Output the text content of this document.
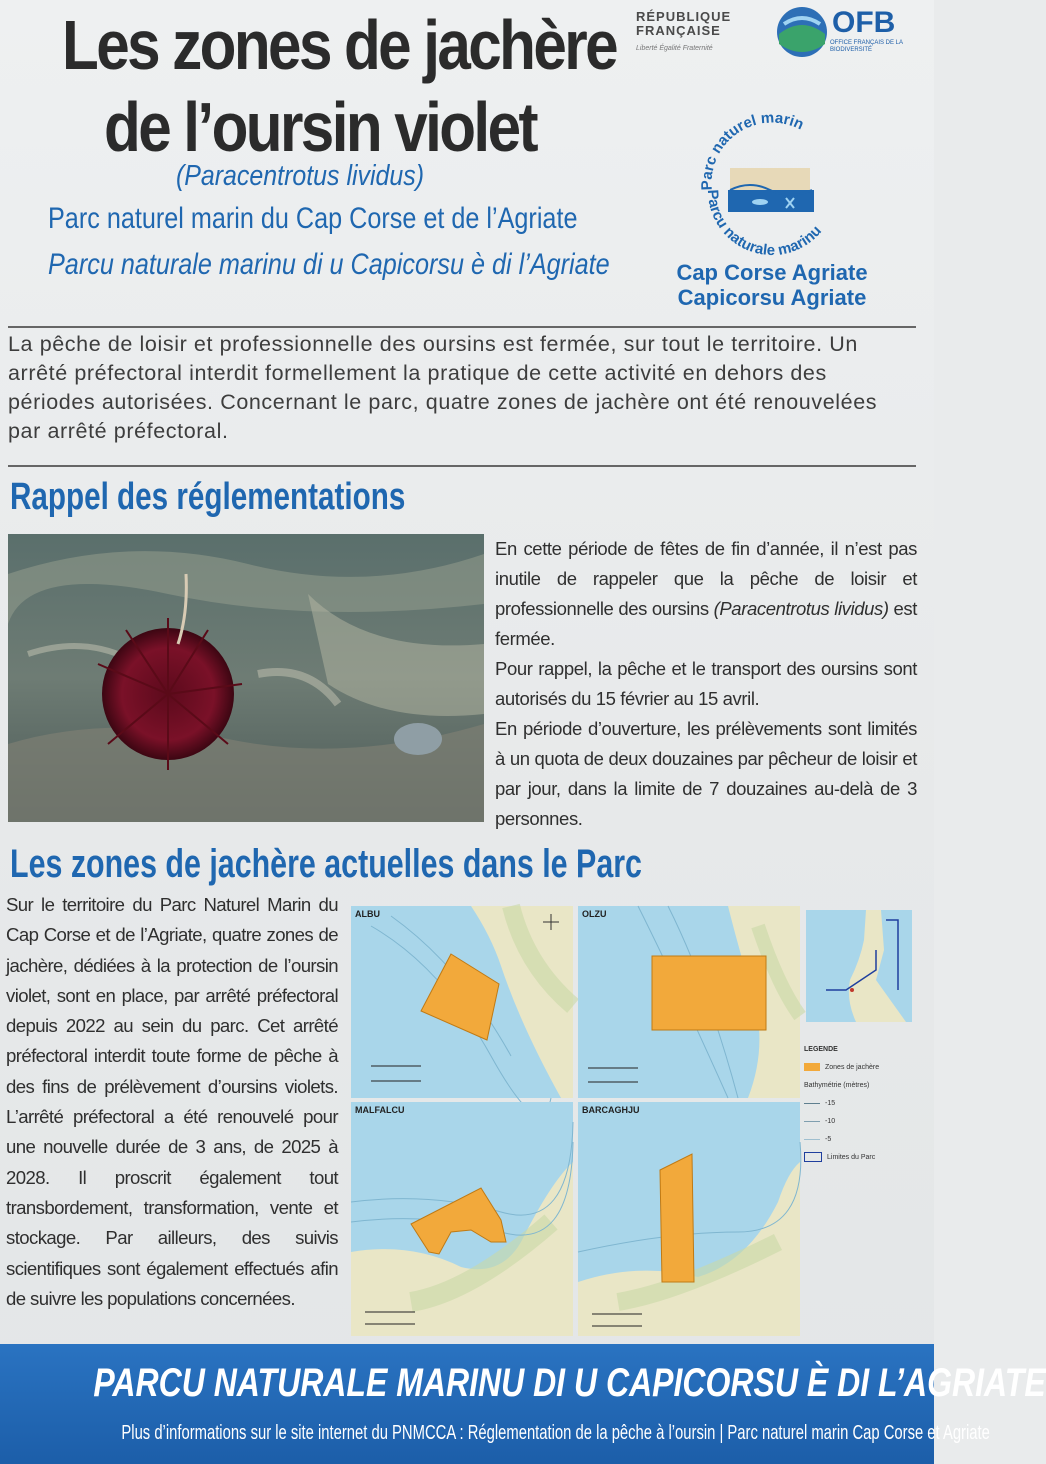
Les zones de jachère
de l’oursin violet
(Paracentrotus lividus)
Parc naturel marin du Cap Corse et de l’Agriate
Parcu naturale marinu di u Capicorsu è di l’Agriate
RÉPUBLIQUE
FRANÇAISE
Liberté Égalité Fraternité
OFB
OFFICE FRANÇAIS DE LA BIODIVERSITÉ
Parc naturel marin
Parcu naturale marinu
Cap Corse Agriate
Capicorsu Agriate
La pêche de loisir et professionnelle des oursins est fermée, sur tout le territoire. Un arrêté préfectoral interdit formellement la pratique de cette activité en dehors des périodes autorisées. Concernant le parc, quatre zones de jachère ont été renouvelées par arrêté préfectoral.
Rappel des réglementations

En cette période de fêtes de fin d’année, il n’est pas inutile de rappeler que la pêche de loisir et professionnelle des oursins (Paracentrotus lividus) est fermée.

Pour rappel, la pêche et le transport des oursins sont autorisés du 15 février au 15 avril.

En période d’ouverture, les prélèvements sont limités à un quota de deux douzaines par pêcheur de loisir et par jour, dans la limite de 7 douzaines au-delà de 3 personnes.

Les zones de jachère actuelles dans le Parc
Sur le territoire du Parc Naturel Marin du Cap Corse et de l’Agriate, quatre zones de jachère, dédiées à la protection de l’oursin violet, sont en place, par arrêté préfectoral depuis 2022 au sein du parc. Cet arrêté préfectoral interdit toute forme de pêche à des fins de prélèvement d’oursins violets. L’arrêté préfectoral a été renouvelé pour une nouvelle durée de 3 ans, de 2025 à 2028. Il proscrit également tout transbordement, transformation, vente et stockage. Par ailleurs, des suivis scientifiques sont également effectués afin de suivre les populations concernées.
ALBU	OLZU
MALFALCU	BARCAGHJU
LEGENDE
Zones de jachère
Bathymétrie (mètres)
-15
-10
-5
Limites du Parc
PARCU NATURALE MARINU DI U CAPICORSU È DI L’AGRIATE
Plus d’informations sur le site internet du PNMCCA : Réglementation de la pêche à l’oursin | Parc naturel marin Cap Corse et Agriate
